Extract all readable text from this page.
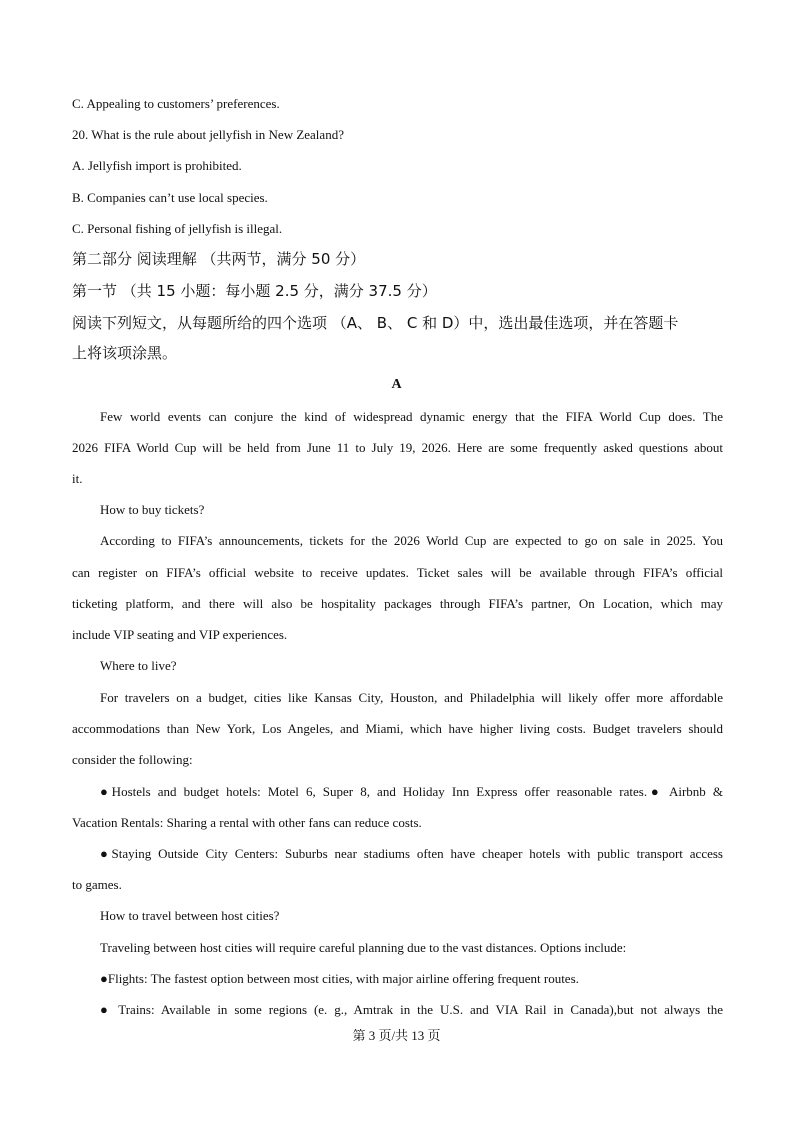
C. Appealing to customers’ preferences.
20. What is the rule about jellyfish in New Zealand?
A. Jellyfish import is prohibited.
B. Companies can’t use local species.
C. Personal fishing of jellyfish is illegal.
第二部分 阅读理解 （共两节，满分 50 分）
第一节 （共 15 小题：每小题 2.5 分，满分 37.5 分）
阅读下列短文，从每题所给的四个选项 （A、 B、 C 和 D）中，选出最佳选项，并在答题卡
上将该项涂黑。
A
Few world events can conjure the kind of widespread dynamic energy that the FIFA World Cup does. The
2026 FIFA World Cup will be held from June 11 to July 19, 2026. Here are some frequently asked questions about
it.
How to buy tickets?
According to FIFA’s announcements, tickets for the 2026 World Cup are expected to go on sale in 2025. You
can register on FIFA’s official website to receive updates. Ticket sales will be available through FIFA’s official
ticketing platform, and there will also be hospitality packages through FIFA’s partner, On Location, which may
include VIP seating and VIP experiences.
Where to live?
For travelers on a budget, cities like Kansas City, Houston, and Philadelphia will likely offer more affordable
accommodations than New York, Los Angeles, and Miami, which have higher living costs. Budget travelers should
consider the following:
●Hostels and budget hotels: Motel 6, Super 8, and Holiday Inn Express offer reasonable rates.● Airbnb &
Vacation Rentals: Sharing a rental with other fans can reduce costs.
●Staying Outside City Centers: Suburbs near stadiums often have cheaper hotels with public transport access
to games.
How to travel between host cities?
Traveling between host cities will require careful planning due to the vast distances. Options include:
●Flights: The fastest option between most cities, with major airline offering frequent routes.
● Trains: Available in some regions (e. g., Amtrak in the U.S. and VIA Rail in Canada),but not always the
第 3 页/共 13 页
